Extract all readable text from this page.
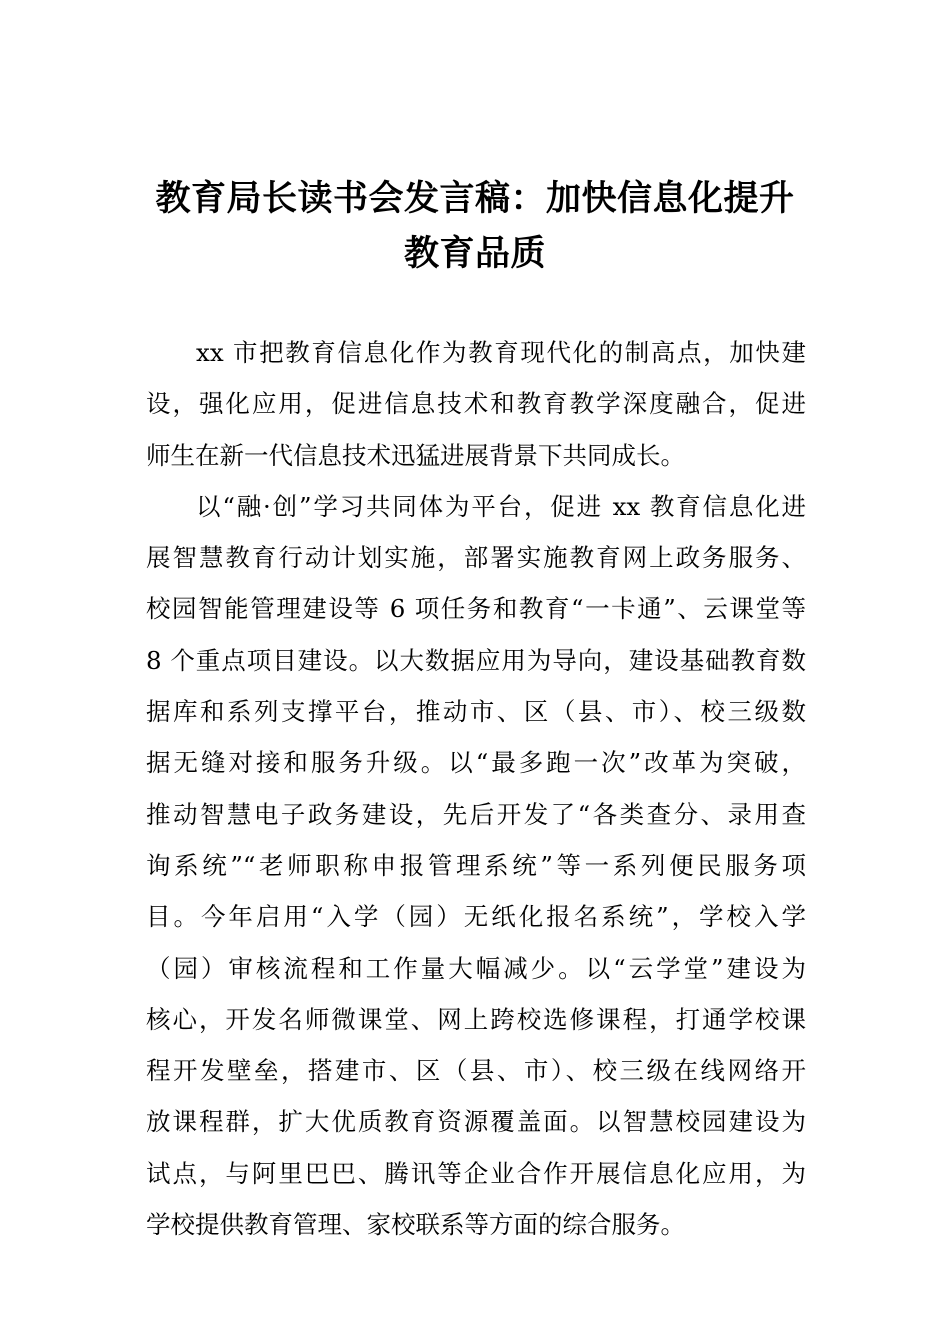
教育局长读书会发言稿：加快信息化提升
教育品质

xx 市把教育信息化作为教育现代化的制高点，加快建
设，强化应用，促进信息技术和教育教学深度融合，促进
师生在新一代信息技术迅猛进展背景下共同成长。

以“融·创”学习共同体为平台，促进 xx 教育信息化进
展智慧教育行动计划实施，部署实施教育网上政务服务、
校园智能管理建设等 6 项任务和教育“一卡通”、云课堂等
8 个重点项目建设。以大数据应用为导向，建设基础教育数
据库和系列支撑平台，推动市、区（县、市）、校三级数
据无缝对接和服务升级。以“最多跑一次”改革为突破，
推动智慧电子政务建设，先后开发了“各类查分、录用查
询系统”“老师职称申报管理系统”等一系列便民服务项
目。今年启用“入学（园）无纸化报名系统”，学校入学
（园）审核流程和工作量大幅减少。以“云学堂”建设为
核心，开发名师微课堂、网上跨校选修课程，打通学校课
程开发壁垒，搭建市、区（县、市）、校三级在线网络开
放课程群，扩大优质教育资源覆盖面。以智慧校园建设为
试点，与阿里巴巴、腾讯等企业合作开展信息化应用，为
学校提供教育管理、家校联系等方面的综合服务。
